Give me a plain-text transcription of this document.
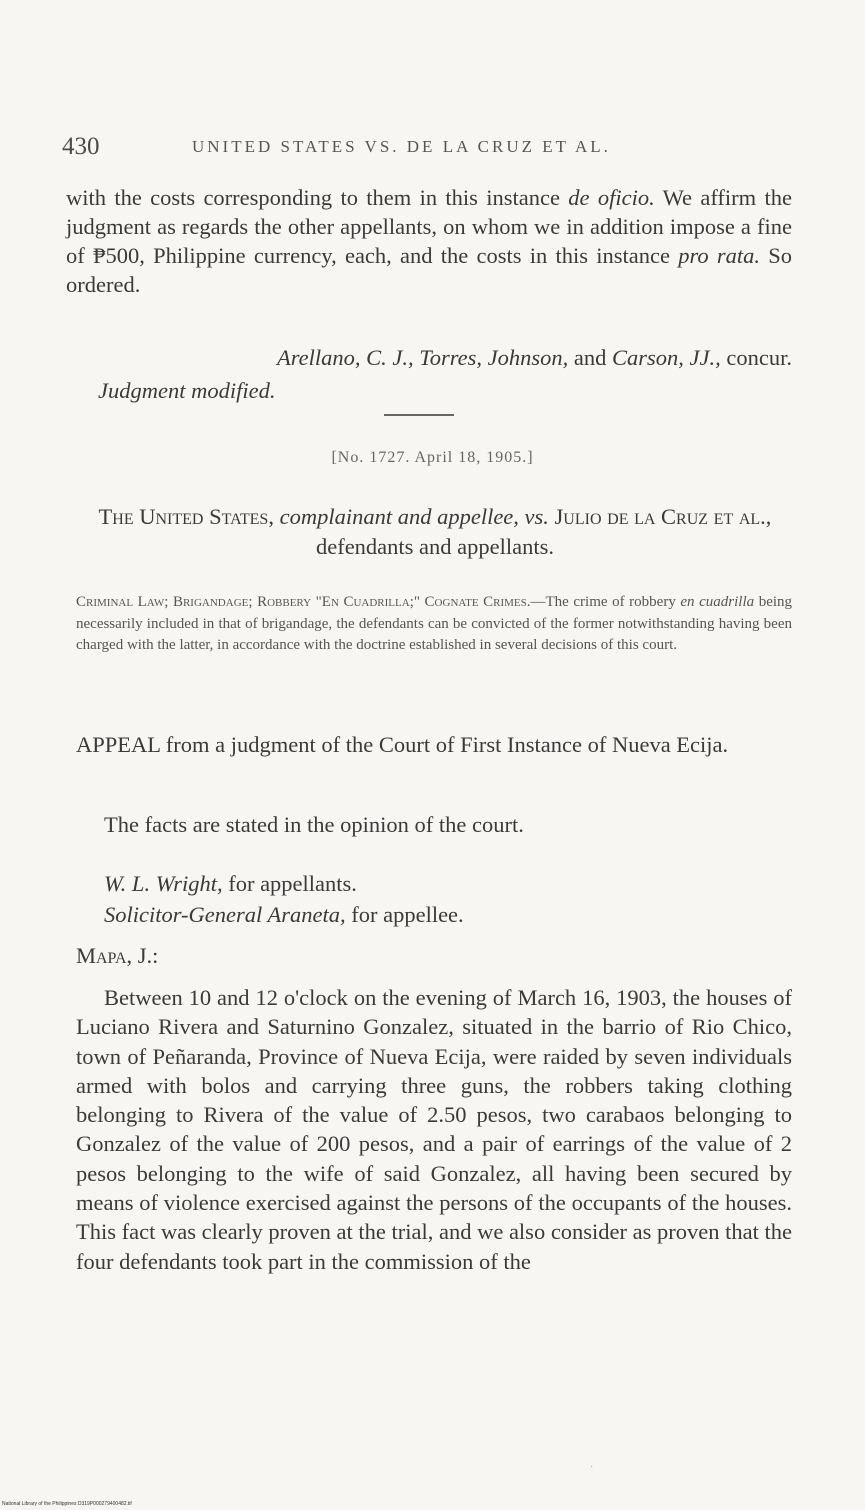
430	UNITED STATES VS. DE LA CRUZ ET AL.
with the costs corresponding to them in this instance de oficio. We affirm the judgment as regards the other appellants, on whom we in addition impose a fine of ₱500, Philippine currency, each, and the costs in this instance pro rata. So ordered.
Arellano, C. J., Torres, Johnson, and Carson, JJ., concur.
Judgment modified.
[No. 1727. April 18, 1905.]
The United States, complainant and appellee, vs. Julio de la Cruz et al., defendants and appellants.
Criminal Law; Brigandage; Robbery "En Cuadrilla;" Cognate Crimes.—The crime of robbery en cuadrilla being necessarily included in that of brigandage, the defendants can be convicted of the former notwithstanding having been charged with the latter, in accordance with the doctrine established in several decisions of this court.
APPEAL from a judgment of the Court of First Instance of Nueva Ecija.
The facts are stated in the opinion of the court.
W. L. Wright, for appellants.
Solicitor-General Araneta, for appellee.
Mapa, J.:
Between 10 and 12 o'clock on the evening of March 16, 1903, the houses of Luciano Rivera and Saturnino Gonzalez, situated in the barrio of Rio Chico, town of Peñaranda, Province of Nueva Ecija, were raided by seven individuals armed with bolos and carrying three guns, the robbers taking clothing belonging to Rivera of the value of 2.50 pesos, two carabaos belonging to Gonzalez of the value of 200 pesos, and a pair of earrings of the value of 2 pesos belonging to the wife of said Gonzalez, all having been secured by means of violence exercised against the persons of the occupants of the houses. This fact was clearly proven at the trial, and we also consider as proven that the four defendants took part in the commission of the
·
National Library of the Philippines D319P000279400482.tif
